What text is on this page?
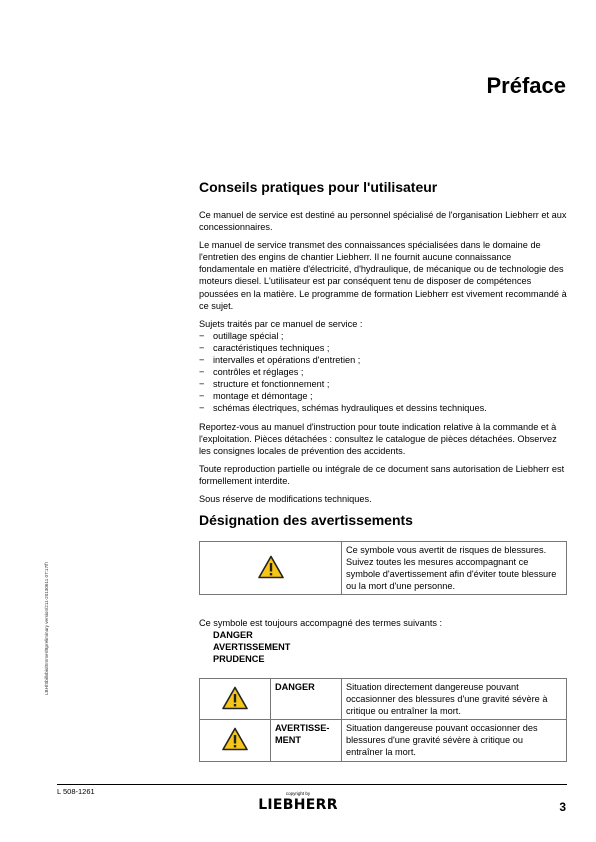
Préface
Conseils pratiques pour l'utilisateur

Ce manuel de service est destiné au personnel spécialisé de l'organisation Liebherr et aux concessionnaires.

Le manuel de service transmet des connaissances spécialisées dans le domaine de l'entretien des engins de chantier Liebherr. Il ne fournit aucune connaissance fondamentale en matière d'électricité, d'hydraulique, de mécanique ou de technologie des moteurs diesel. L'utilisateur est par conséquent tenu de disposer de compétences poussées en la matière. Le programme de formation Liebherr est vivement recommandé à ce sujet.

Sujets traités par ce manuel de service :

− outillage spécial ;
− caractéristiques techniques ;
− intervalles et opérations d'entretien ;
− contrôles et réglages ;
− structure et fonctionnement ;
− montage et démontage ;
− schémas électriques, schémas hydrauliques et dessins techniques.

Reportez-vous au manuel d'instruction pour toute indication relative à la commande et à l'exploitation. Pièces détachées : consultez le catalogue de pièces détachées. Observez les consignes locales de prévention des accidents.

Toute reproduction partielle ou intégrale de ce document sans autorisation de Liebherr est formellement interdite.

Sous réserve de modifications techniques.

Désignation des avertissements
	Ce symbole vous avertit de risques de blessures. Suivez toutes les mesures accompagnant ce symbole d'avertissement afin d'éviter toute blessure ou la mort d'une personne.

Ce symbole est toujours accompagné des termes suivants :

DANGER

AVERTISSEMENT

PRUDENCE

	DANGER	Situation directement dangereuse pouvant occasionner des blessures d'une gravité sévère à critique ou entraîner la mort.
	AVERTISSE-MENT	Situation dangereuse pouvant occasionner des blessures d'une gravité sévère à critique ou entraîner la mort.
LBH/Sbillsbis/Emmer/Bpreliminary version/211-20130611 07:17/fr
L 508-1261	copyright by
LIEBHERR	3
